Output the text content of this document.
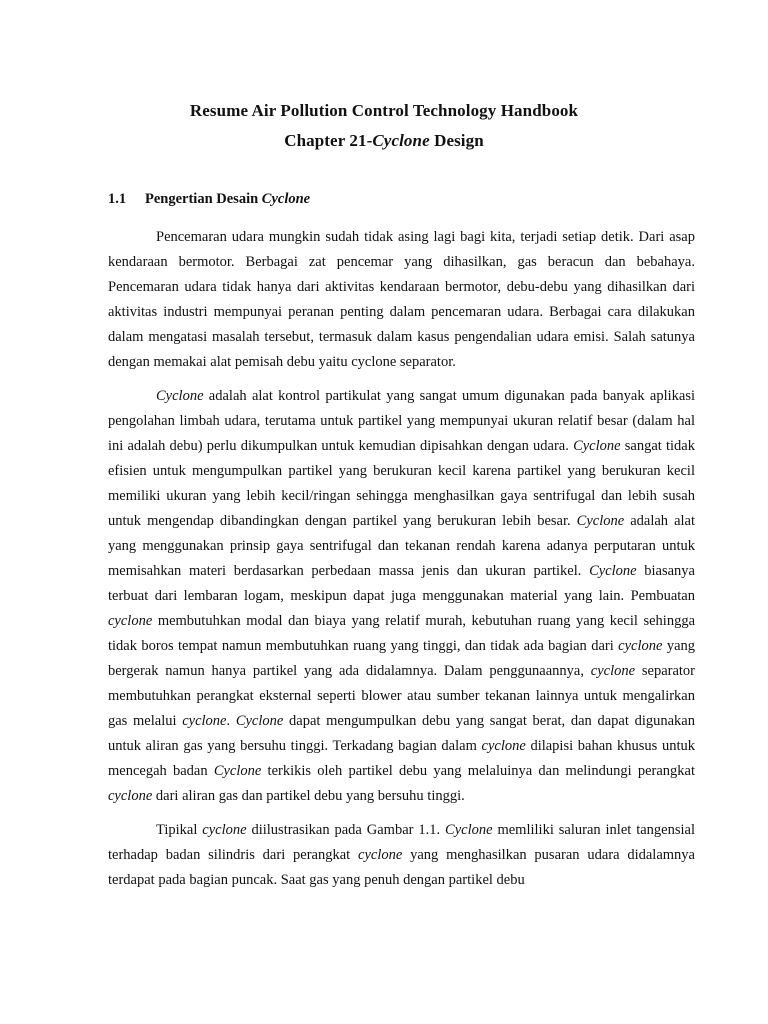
Resume Air Pollution Control Technology Handbook
Chapter 21-Cyclone Design
1.1 Pengertian Desain Cyclone

Pencemaran udara mungkin sudah tidak asing lagi bagi kita, terjadi setiap detik. Dari asap kendaraan bermotor. Berbagai zat pencemar yang dihasilkan, gas beracun dan bebahaya. Pencemaran udara tidak hanya dari aktivitas kendaraan bermotor, debu-debu yang dihasilkan dari aktivitas industri mempunyai peranan penting dalam pencemaran udara. Berbagai cara dilakukan dalam mengatasi masalah tersebut, termasuk dalam kasus pengendalian udara emisi. Salah satunya dengan memakai alat pemisah debu yaitu cyclone separator.

Cyclone adalah alat kontrol partikulat yang sangat umum digunakan pada banyak aplikasi pengolahan limbah udara, terutama untuk partikel yang mempunyai ukuran relatif besar (dalam hal ini adalah debu) perlu dikumpulkan untuk kemudian dipisahkan dengan udara. Cyclone sangat tidak efisien untuk mengumpulkan partikel yang berukuran kecil karena partikel yang berukuran kecil memiliki ukuran yang lebih kecil/ringan sehingga menghasilkan gaya sentrifugal dan lebih susah untuk mengendap dibandingkan dengan partikel yang berukuran lebih besar. Cyclone adalah alat yang menggunakan prinsip gaya sentrifugal dan tekanan rendah karena adanya perputaran untuk memisahkan materi berdasarkan perbedaan massa jenis dan ukuran partikel. Cyclone biasanya terbuat dari lembaran logam, meskipun dapat juga menggunakan material yang lain. Pembuatan cyclone membutuhkan modal dan biaya yang relatif murah, kebutuhan ruang yang kecil sehingga tidak boros tempat namun membutuhkan ruang yang tinggi, dan tidak ada bagian dari cyclone yang bergerak namun hanya partikel yang ada didalamnya. Dalam penggunaannya, cyclone separator membutuhkan perangkat eksternal seperti blower atau sumber tekanan lainnya untuk mengalirkan gas melalui cyclone. Cyclone dapat mengumpulkan debu yang sangat berat, dan dapat digunakan untuk aliran gas yang bersuhu tinggi. Terkadang bagian dalam cyclone dilapisi bahan khusus untuk mencegah badan Cyclone terkikis oleh partikel debu yang melaluinya dan melindungi perangkat cyclone dari aliran gas dan partikel debu yang bersuhu tinggi.

Tipikal cyclone diilustrasikan pada Gambar 1.1. Cyclone memliliki saluran inlet tangensial terhadap badan silindris dari perangkat cyclone yang menghasilkan pusaran udara didalamnya terdapat pada bagian puncak. Saat gas yang penuh dengan partikel debu
